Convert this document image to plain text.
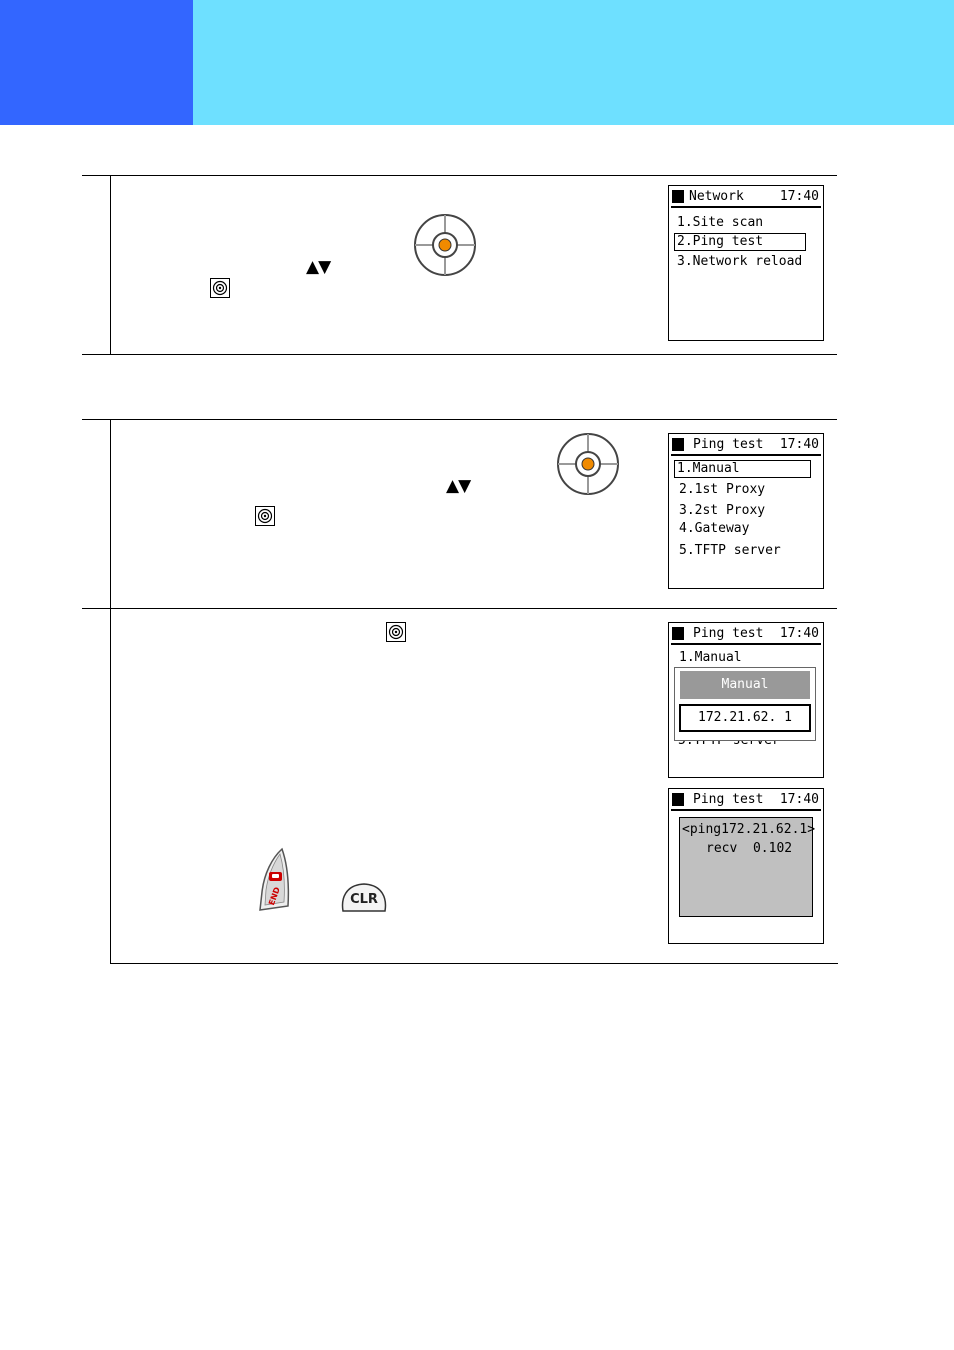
▲▼
Network	17:40
1.Site scan
2.Ping test
3.Network reload
▲▼
Ping test 17:40
1.Manual
2.1st Proxy
3.2st Proxy
4.Gateway
5.TFTP server
Ping test 17:40
1.Manual
Manual
172.21.62. 1
Ping test 17:40
<ping172.21.62.1>
recv  0.102
END	CLR
